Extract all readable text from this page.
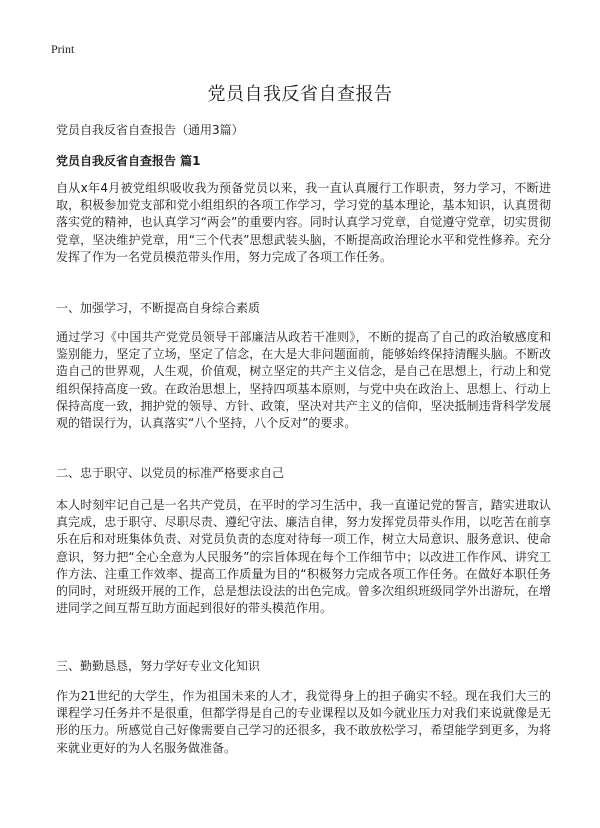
Print
党员自我反省自查报告

党员自我反省自查报告（通用3篇）

党员自我反省自查报告 篇1

自从x年4月被党组织吸收我为预备党员以来，我一直认真履行工作职责，努力学习，不断进取，积极参加党支部和党小组组织的各项工作学习，学习党的基本理论，基本知识，认真贯彻落实党的精神，也认真学习“两会”的重要内容。同时认真学习党章，自觉遵守党章，切实贯彻党章，坚决维护党章，用“三个代表”思想武装头脑，不断提高政治理论水平和党性修养。充分发挥了作为一名党员模范带头作用，努力完成了各项工作任务。

一、加强学习，不断提高自身综合素质

通过学习《中国共产党党员领导干部廉洁从政若干准则》，不断的提高了自己的政治敏感度和鉴别能力，坚定了立场，坚定了信念，在大是大非问题面前，能够始终保持清醒头脑。不断改造自己的世界观，人生观，价值观，树立坚定的共产主义信念，是自己在思想上，行动上和党组织保持高度一致。在政治思想上，坚持四项基本原则，与党中央在政治上、思想上、行动上保持高度一致，拥护党的领导、方针、政策，坚决对共产主义的信仰，坚决抵制违背科学发展观的错误行为，认真落实“八个坚持，八个反对”的要求。

二、忠于职守、以党员的标准严格要求自己

本人时刻牢记自己是一名共产党员，在平时的学习生活中，我一直谨记党的誓言，踏实进取认真完成，忠于职守、尽职尽责、遵纪守法、廉洁自律，努力发挥党员带头作用，以吃苦在前享乐在后和对班集体负责、对党员负责的态度对待每一项工作，树立大局意识、服务意识、使命意识，努力把“全心全意为人民服务”的宗旨体现在每个工作细节中；以改进工作作风、讲究工作方法、注重工作效率、提高工作质量为目的“积极努力完成各项工作任务。在做好本职任务的同时，对班级开展的工作，总是想法设法的出色完成。曾多次组织班级同学外出游玩，在增进同学之间互帮互助方面起到很好的带头模范作用。

三、勤勤恳恳，努力学好专业文化知识

作为21世纪的大学生，作为祖国未来的人才，我觉得身上的担子确实不轻。现在我们大三的课程学习任务并不是很重，但都学得是自己的专业课程以及如今就业压力对我们来说就像是无形的压力。所感觉自己好像需要自己学习的还很多，我不敢放松学习，希望能学到更多，为将来就业更好的为人名服务做准备。
